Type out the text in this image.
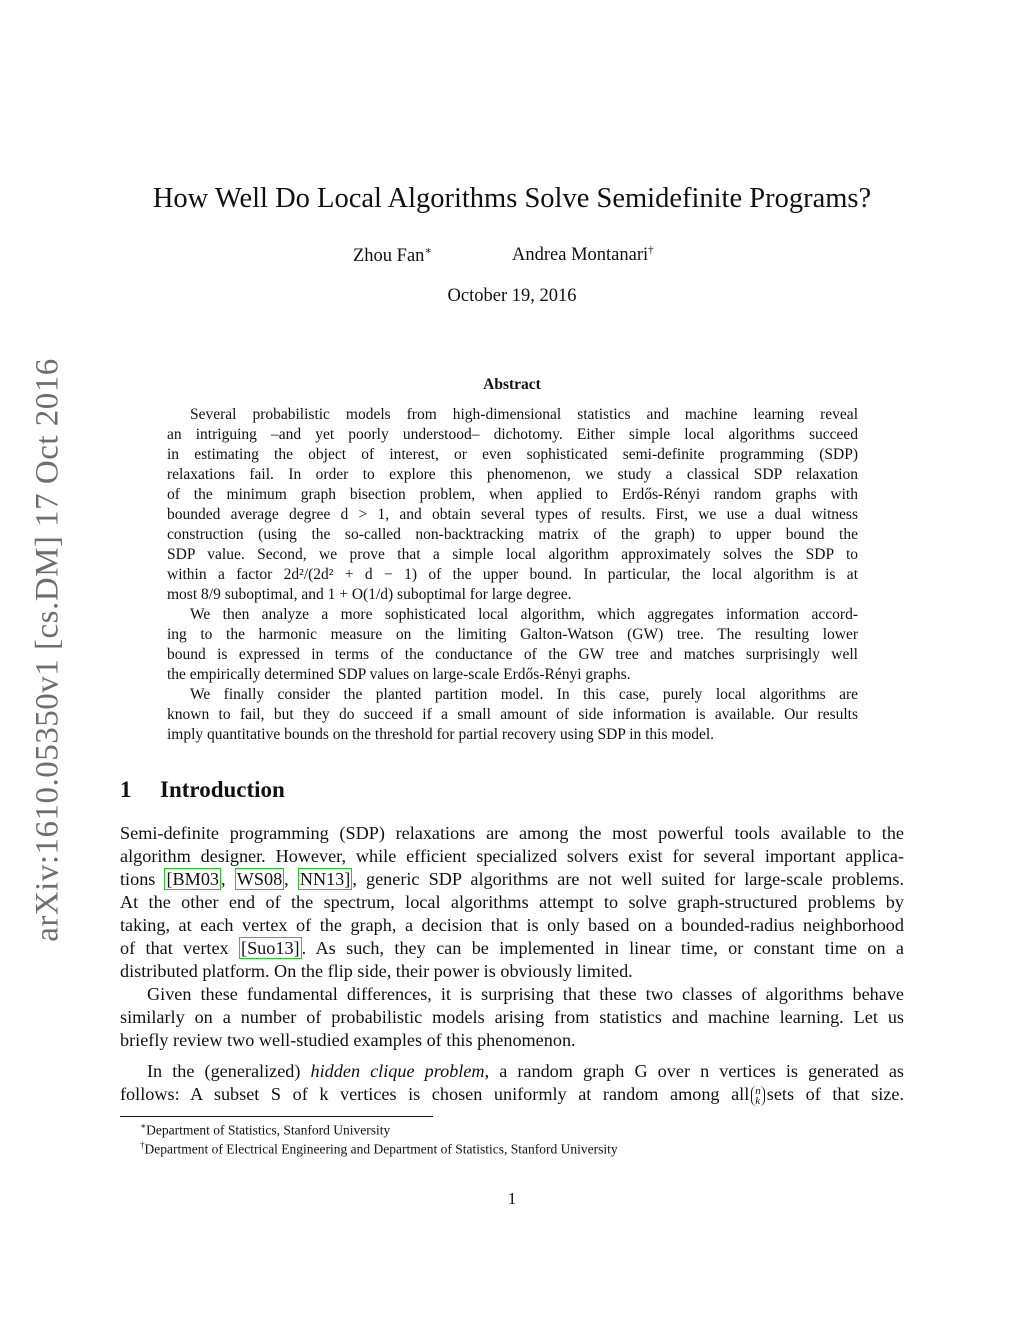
arXiv:1610.05350v1 [cs.DM] 17 Oct 2016
How Well Do Local Algorithms Solve Semidefinite Programs?
Zhou Fan∗	Andrea Montanari†
October 19, 2016
Abstract
Several probabilistic models from high-dimensional statistics and machine learning reveal
an intriguing –and yet poorly understood– dichotomy. Either simple local algorithms succeed
in estimating the object of interest, or even sophisticated semi-definite programming (SDP)
relaxations fail. In order to explore this phenomenon, we study a classical SDP relaxation
of the minimum graph bisection problem, when applied to Erdős-Rényi random graphs with
bounded average degree d > 1, and obtain several types of results. First, we use a dual witness
construction (using the so-called non-backtracking matrix of the graph) to upper bound the
SDP value. Second, we prove that a simple local algorithm approximately solves the SDP to
within a factor 2d²/(2d² + d − 1) of the upper bound. In particular, the local algorithm is at
most 8/9 suboptimal, and 1 + O(1/d) suboptimal for large degree.
We then analyze a more sophisticated local algorithm, which aggregates information accord-
ing to the harmonic measure on the limiting Galton-Watson (GW) tree. The resulting lower
bound is expressed in terms of the conductance of the GW tree and matches surprisingly well
the empirically determined SDP values on large-scale Erdős-Rényi graphs.
We finally consider the planted partition model. In this case, purely local algorithms are
known to fail, but they do succeed if a small amount of side information is available. Our results
imply quantitative bounds on the threshold for partial recovery using SDP in this model.
1 Introduction
Semi-definite programming (SDP) relaxations are among the most powerful tools available to the
algorithm designer. However, while efficient specialized solvers exist for several important applica-
tions [BM03 , WS08 , NN13] , generic SDP algorithms are not well suited for large-scale problems.
At the other end of the spectrum, local algorithms attempt to solve graph-structured problems by
taking, at each vertex of the graph, a decision that is only based on a bounded-radius neighborhood
of that vertex [Suo13] . As such, they can be implemented in linear time, or constant time on a
distributed platform. On the flip side, their power is obviously limited.
Given these fundamental differences, it is surprising that these two classes of algorithms behave
similarly on a number of probabilistic models arising from statistics and machine learning. Let us
briefly review two well-studied examples of this phenomenon.
In the (generalized) hidden clique problem, a random graph G over n vertices is generated as
follows: A subset S of k vertices is chosen uniformly at random among all n
k sets of that size.
∗Department of Statistics, Stanford University
†Department of Electrical Engineering and Department of Statistics, Stanford University
1
